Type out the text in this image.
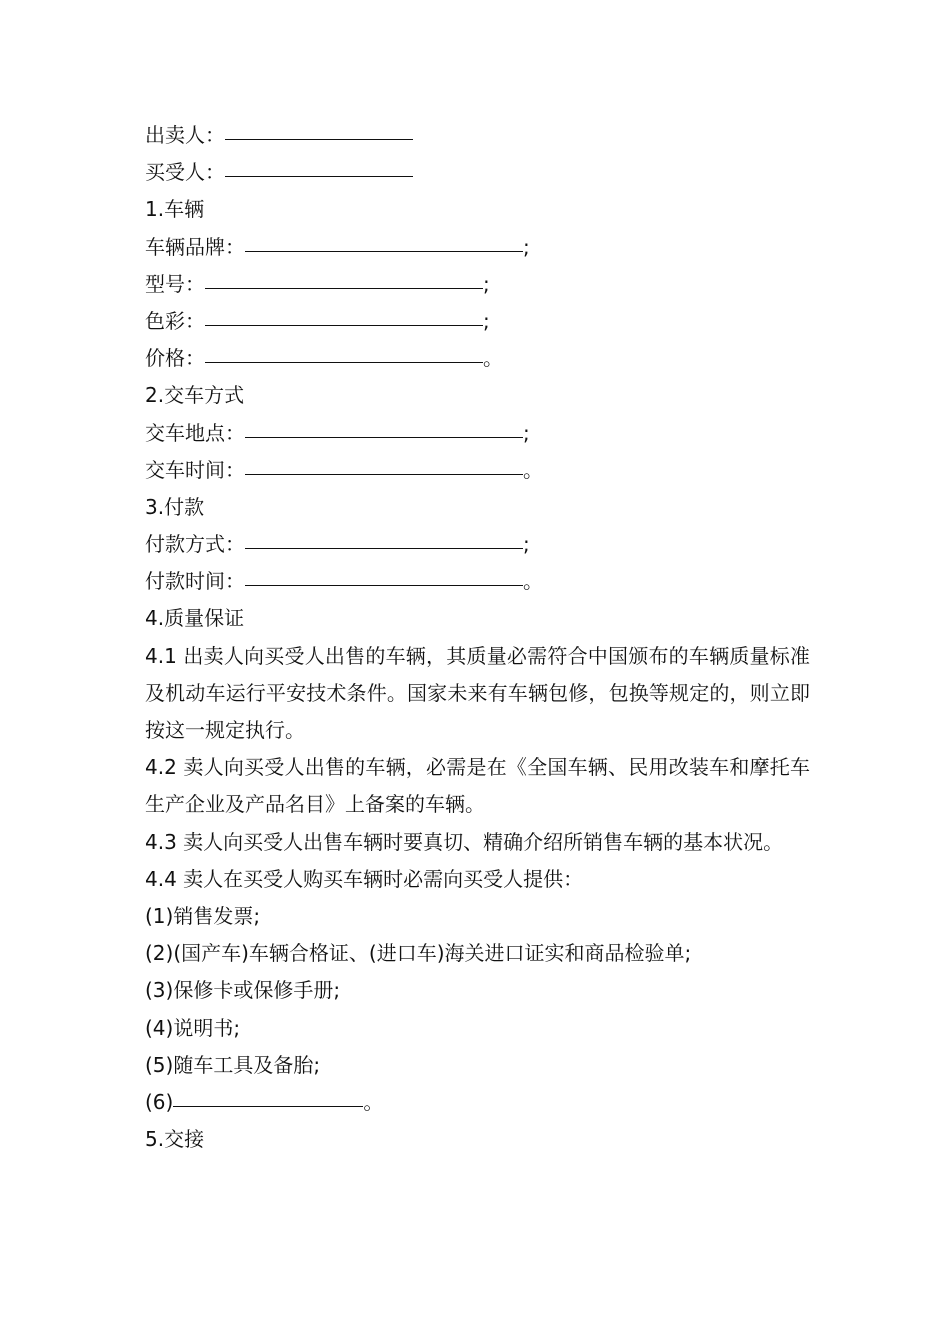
出卖人：
买受人：
1.车辆
车辆品牌：	;
型号：	;
色彩：	;
价格：	。
2.交车方式
交车地点：	;
交车时间：	。
3.付款
付款方式：	;
付款时间：	。
4.质量保证
4.1 出卖人向买受人出售的车辆，其质量必需符合中国颁布的车辆质量标准及机动车运行平安技术条件。国家未来有车辆包修，包换等规定的，则立即按这一规定执行。
4.2 卖人向买受人出售的车辆，必需是在《全国车辆、民用改装车和摩托车生产企业及产品名目》上备案的车辆。
4.3 卖人向买受人出售车辆时要真切、精确介绍所销售车辆的基本状况。
4.4 卖人在买受人购买车辆时必需向买受人提供：
(1)销售发票;
(2)(国产车)车辆合格证、(进口车)海关进口证实和商品检验单;
(3)保修卡或保修手册;
(4)说明书;
(5)随车工具及备胎;
(6)	。
5.交接
